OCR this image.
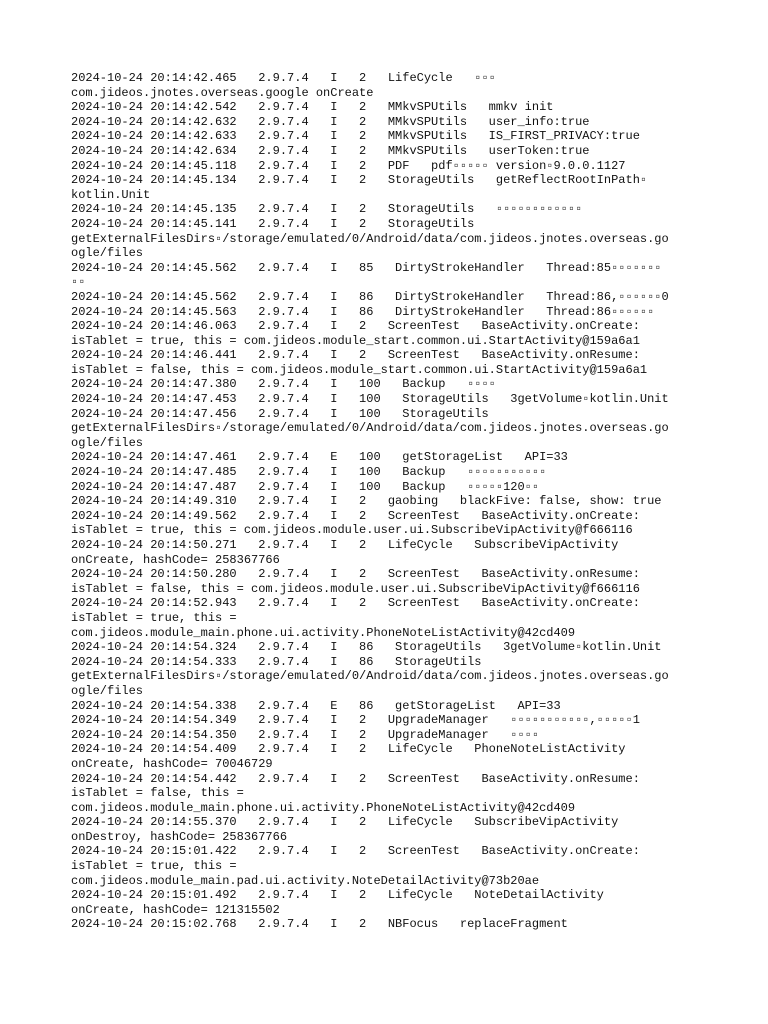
2024-10-24 20:14:42.465   2.9.7.4   I   2   LifeCycle   ▫▫▫
com.jideos.jnotes.overseas.google onCreate
2024-10-24 20:14:42.542   2.9.7.4   I   2   MMkvSPUtils   mmkv init
2024-10-24 20:14:42.632   2.9.7.4   I   2   MMkvSPUtils   user_info:true
2024-10-24 20:14:42.633   2.9.7.4   I   2   MMkvSPUtils   IS_FIRST_PRIVACY:true
2024-10-24 20:14:42.634   2.9.7.4   I   2   MMkvSPUtils   userToken:true
2024-10-24 20:14:45.118   2.9.7.4   I   2   PDF   pdf▫▫▫▫▫ version▫9.0.0.1127
2024-10-24 20:14:45.134   2.9.7.4   I   2   StorageUtils   getReflectRootInPath▫
kotlin.Unit
2024-10-24 20:14:45.135   2.9.7.4   I   2   StorageUtils   ▫▫▫▫▫▫▫▫▫▫▫▫
2024-10-24 20:14:45.141   2.9.7.4   I   2   StorageUtils
getExternalFilesDirs▫/storage/emulated/0/Android/data/com.jideos.jnotes.overseas.go
ogle/files
2024-10-24 20:14:45.562   2.9.7.4   I   85   DirtyStrokeHandler   Thread:85▫▫▫▫▫▫▫
▫▫
2024-10-24 20:14:45.562   2.9.7.4   I   86   DirtyStrokeHandler   Thread:86,▫▫▫▫▫▫0
2024-10-24 20:14:45.563   2.9.7.4   I   86   DirtyStrokeHandler   Thread:86▫▫▫▫▫▫
2024-10-24 20:14:46.063   2.9.7.4   I   2   ScreenTest   BaseActivity.onCreate:
isTablet = true, this = com.jideos.module_start.common.ui.StartActivity@159a6a1
2024-10-24 20:14:46.441   2.9.7.4   I   2   ScreenTest   BaseActivity.onResume:
isTablet = false, this = com.jideos.module_start.common.ui.StartActivity@159a6a1
2024-10-24 20:14:47.380   2.9.7.4   I   100   Backup   ▫▫▫▫
2024-10-24 20:14:47.453   2.9.7.4   I   100   StorageUtils   3getVolume▫kotlin.Unit
2024-10-24 20:14:47.456   2.9.7.4   I   100   StorageUtils
getExternalFilesDirs▫/storage/emulated/0/Android/data/com.jideos.jnotes.overseas.go
ogle/files
2024-10-24 20:14:47.461   2.9.7.4   E   100   getStorageList   API=33
2024-10-24 20:14:47.485   2.9.7.4   I   100   Backup   ▫▫▫▫▫▫▫▫▫▫▫
2024-10-24 20:14:47.487   2.9.7.4   I   100   Backup   ▫▫▫▫▫120▫▫
2024-10-24 20:14:49.310   2.9.7.4   I   2   gaobing   blackFive: false, show: true
2024-10-24 20:14:49.562   2.9.7.4   I   2   ScreenTest   BaseActivity.onCreate:
isTablet = true, this = com.jideos.module.user.ui.SubscribeVipActivity@f666116
2024-10-24 20:14:50.271   2.9.7.4   I   2   LifeCycle   SubscribeVipActivity
onCreate, hashCode= 258367766
2024-10-24 20:14:50.280   2.9.7.4   I   2   ScreenTest   BaseActivity.onResume:
isTablet = false, this = com.jideos.module.user.ui.SubscribeVipActivity@f666116
2024-10-24 20:14:52.943   2.9.7.4   I   2   ScreenTest   BaseActivity.onCreate:
isTablet = true, this =
com.jideos.module_main.phone.ui.activity.PhoneNoteListActivity@42cd409
2024-10-24 20:14:54.324   2.9.7.4   I   86   StorageUtils   3getVolume▫kotlin.Unit
2024-10-24 20:14:54.333   2.9.7.4   I   86   StorageUtils
getExternalFilesDirs▫/storage/emulated/0/Android/data/com.jideos.jnotes.overseas.go
ogle/files
2024-10-24 20:14:54.338   2.9.7.4   E   86   getStorageList   API=33
2024-10-24 20:14:54.349   2.9.7.4   I   2   UpgradeManager   ▫▫▫▫▫▫▫▫▫▫▫,▫▫▫▫▫1
2024-10-24 20:14:54.350   2.9.7.4   I   2   UpgradeManager   ▫▫▫▫
2024-10-24 20:14:54.409   2.9.7.4   I   2   LifeCycle   PhoneNoteListActivity
onCreate, hashCode= 70046729
2024-10-24 20:14:54.442   2.9.7.4   I   2   ScreenTest   BaseActivity.onResume:
isTablet = false, this =
com.jideos.module_main.phone.ui.activity.PhoneNoteListActivity@42cd409
2024-10-24 20:14:55.370   2.9.7.4   I   2   LifeCycle   SubscribeVipActivity
onDestroy, hashCode= 258367766
2024-10-24 20:15:01.422   2.9.7.4   I   2   ScreenTest   BaseActivity.onCreate:
isTablet = true, this =
com.jideos.module_main.pad.ui.activity.NoteDetailActivity@73b20ae
2024-10-24 20:15:01.492   2.9.7.4   I   2   LifeCycle   NoteDetailActivity
onCreate, hashCode= 121315502
2024-10-24 20:15:02.768   2.9.7.4   I   2   NBFocus   replaceFragment
